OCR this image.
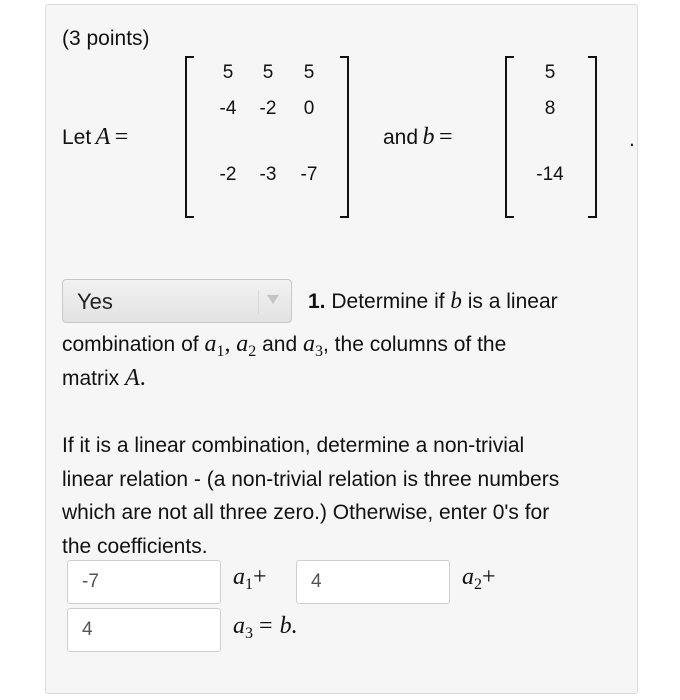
(3 points)
Let A =
5	5	5
-4	-2	0
-2	-3	-7
and b =
5
8
-14
.
Yes	1. Determine if b is a linear
combination of $a_1$, $a_2$ and $a_3$, the columns of the
matrix A.
If it is a linear combination, determine a non-trivial
linear relation - (a non-trivial relation is three numbers
which are not all three zero.) Otherwise, enter 0's for
the coefficients.
-7	$a_1+$	4	$a_2+$
4	$a_3 = b$.
